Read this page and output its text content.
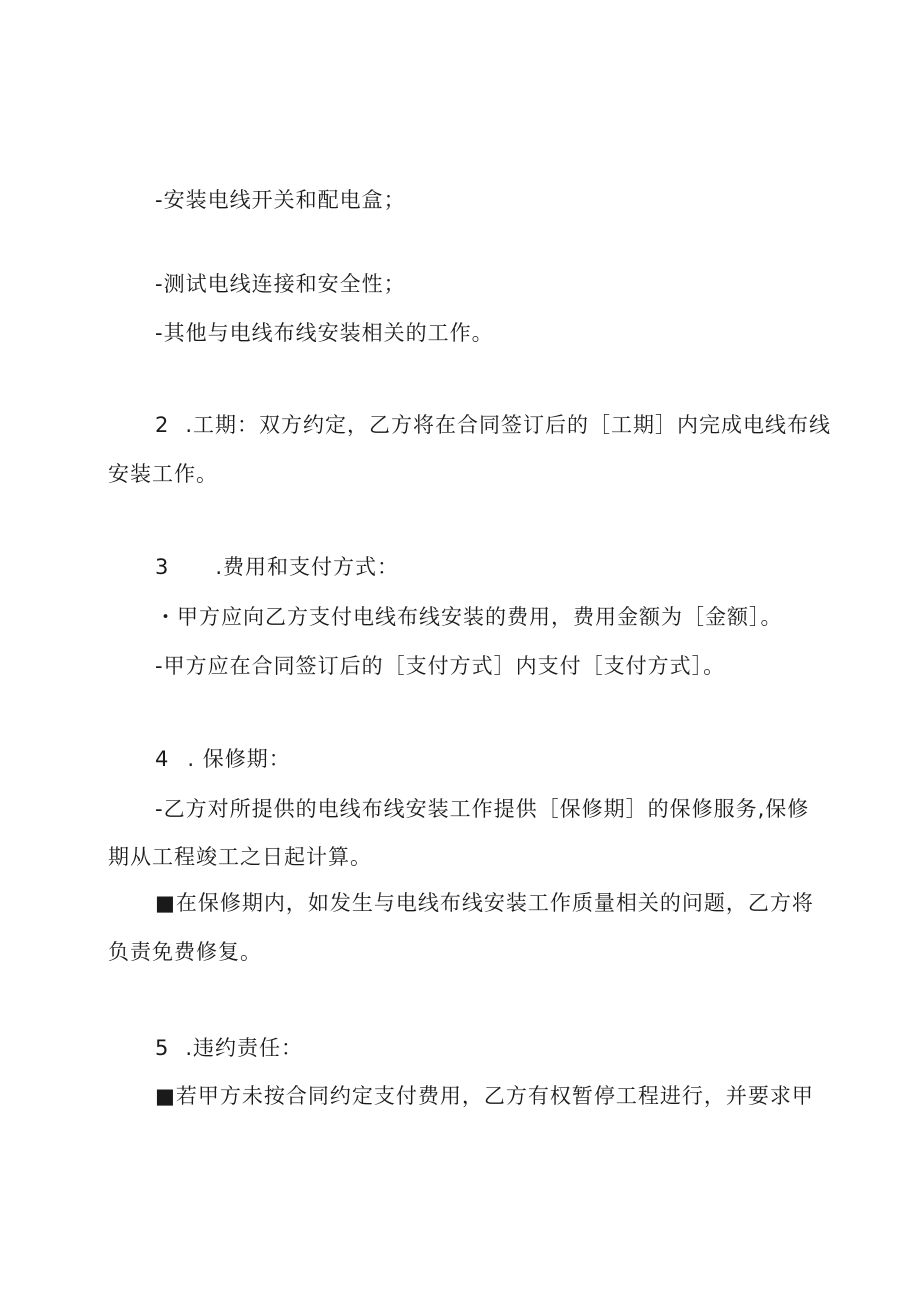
-安装电线开关和配电盒；
-测试电线连接和安全性；
-其他与电线布线安装相关的工作。
2 .工期：双方约定，乙方将在合同签订后的［工期］内完成电线布线
安装工作。
3 .费用和支付方式：
・甲方应向乙方支付电线布线安装的费用，费用金额为［金额］。
-甲方应在合同签订后的［支付方式］内支付［支付方式］。
4 . 保修期：
-乙方对所提供的电线布线安装工作提供［保修期］的保修服务,保修
期从工程竣工之日起计算。
■在保修期内，如发生与电线布线安装工作质量相关的问题，乙方将
负责免费修复。
5 .违约责任：
■若甲方未按合同约定支付费用，乙方有权暂停工程进行，并要求甲
